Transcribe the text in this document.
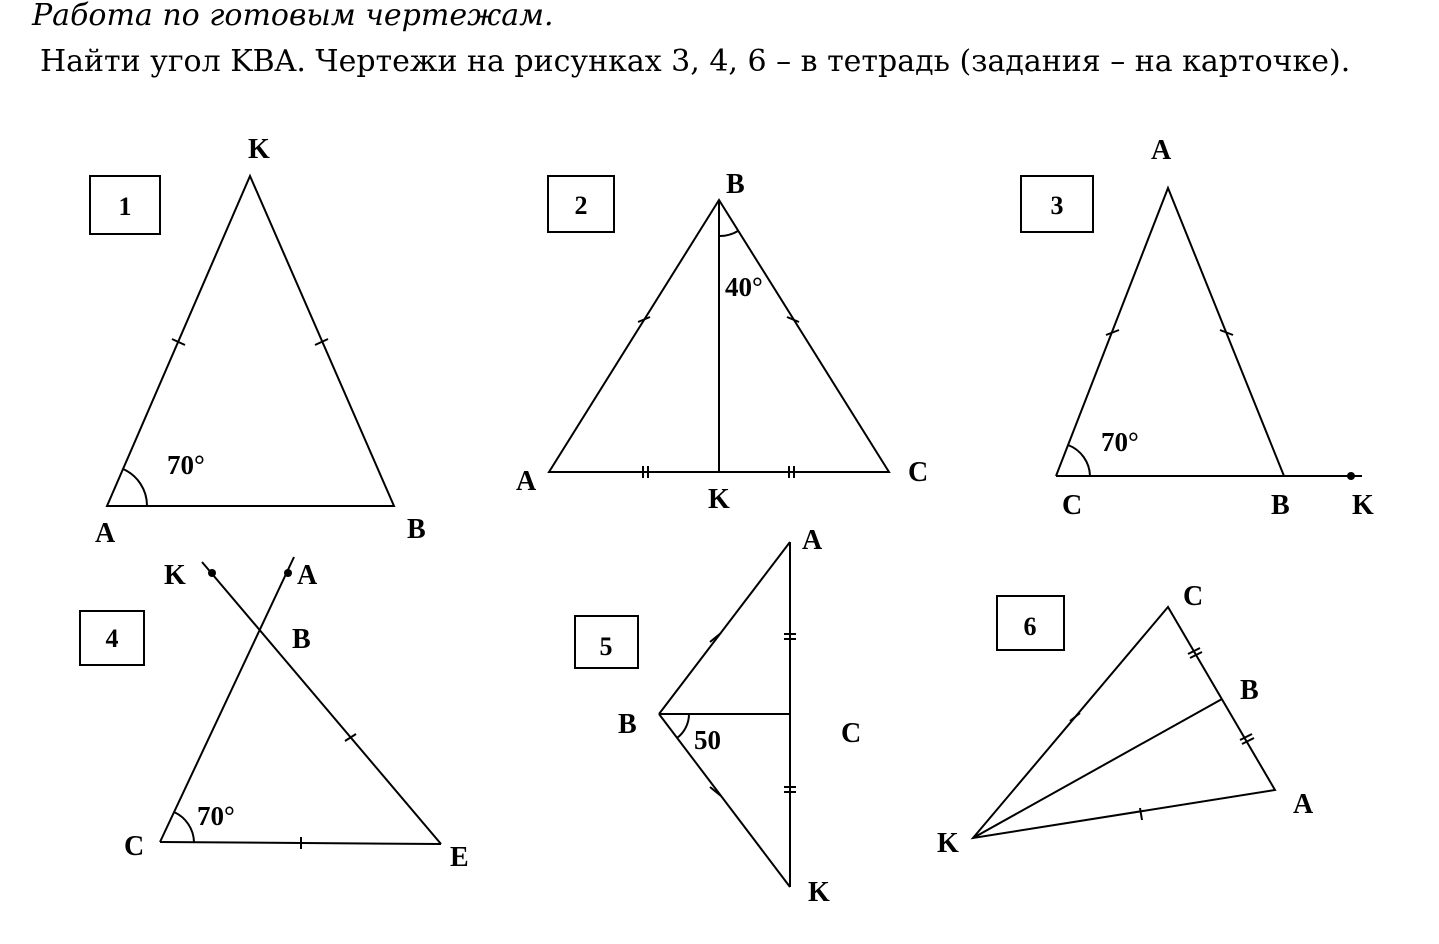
Работа по готовым чертежам.
Найти угол KBA. Чертежи на рисунках 3, 4, 6 – в тетрадь (задания – на карточке).
1
70°
K
A	B
2
40°
B
A	C
K
3
70°
A
C	B K
4
70°
K	A
B
C	E
5
50
A
B	C
K
6
C
B
A
K
